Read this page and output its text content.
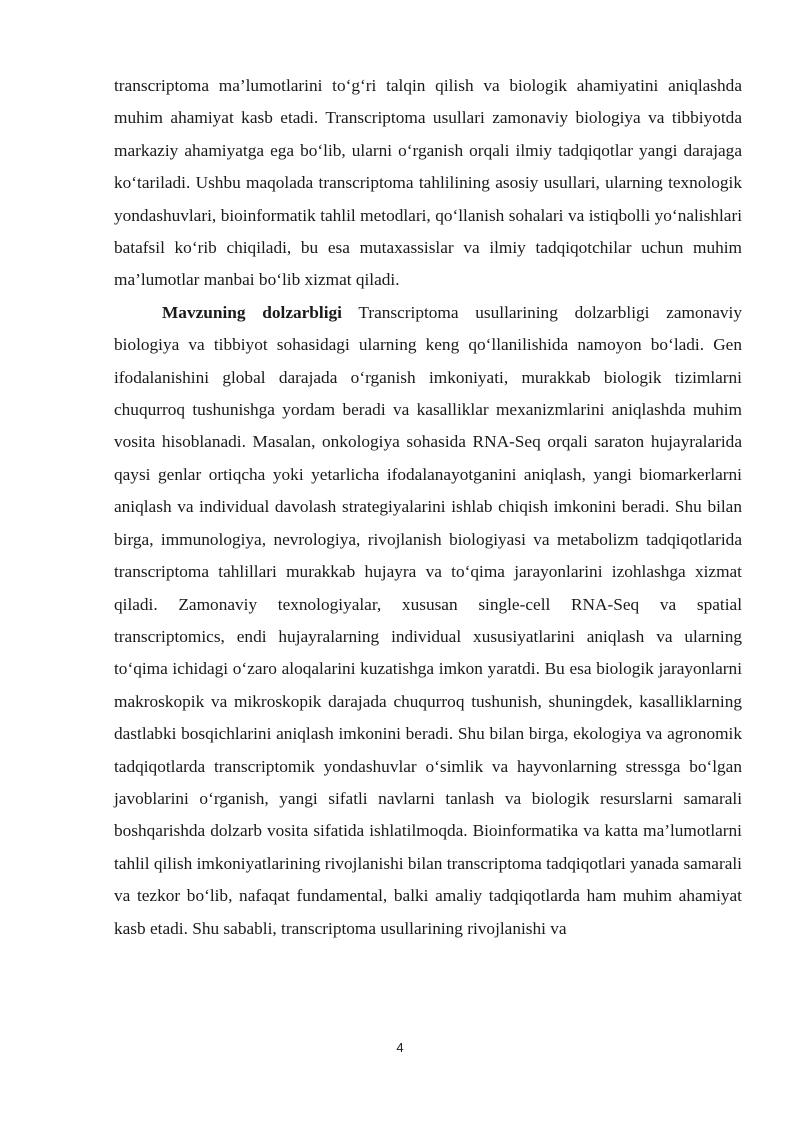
transcriptoma ma’lumotlarini to‘g‘ri talqin qilish va biologik ahamiyatini aniqlashda muhim ahamiyat kasb etadi. Transcriptoma usullari zamonaviy biologiya va tibbiyotda markaziy ahamiyatga ega bo‘lib, ularni o‘rganish orqali ilmiy tadqiqotlar yangi darajaga ko‘tariladi. Ushbu maqolada transcriptoma tahlilining asosiy usullari, ularning texnologik yondashuvlari, bioinformatik tahlil metodlari, qo‘llanish sohalari va istiqbolli yo‘nalishlari batafsil ko‘rib chiqiladi, bu esa mutaxassislar va ilmiy tadqiqotchilar uchun muhim ma’lumotlar manbai bo‘lib xizmat qiladi.

Mavzuning dolzarbligi Transcriptoma usullarining dolzarbligi zamonaviy biologiya va tibbiyot sohasidagi ularning keng qo‘llanilishida namoyon bo‘ladi. Gen ifodalanishini global darajada o‘rganish imkoniyati, murakkab biologik tizimlarni chuqurroq tushunishga yordam beradi va kasalliklar mexanizmlarini aniqlashda muhim vosita hisoblanadi. Masalan, onkologiya sohasida RNA-Seq orqali saraton hujayralarida qaysi genlar ortiqcha yoki yetarlicha ifodalanayotganini aniqlash, yangi biomarkerlarni aniqlash va individual davolash strategiyalarini ishlab chiqish imkonini beradi. Shu bilan birga, immunologiya, nevrologiya, rivojlanish biologiyasi va metabolizm tadqiqotlarida transcriptoma tahlillari murakkab hujayra va to‘qima jarayonlarini izohlashga xizmat qiladi. Zamonaviy texnologiyalar, xususan single-cell RNA-Seq va spatial transcriptomics, endi hujayralarning individual xususiyatlarini aniqlash va ularning to‘qima ichidagi o‘zaro aloqalarini kuzatishga imkon yaratdi. Bu esa biologik jarayonlarni makroskopik va mikroskopik darajada chuqurroq tushunish, shuningdek, kasalliklarning dastlabki bosqichlarini aniqlash imkonini beradi. Shu bilan birga, ekologiya va agronomik tadqiqotlarda transcriptomik yondashuvlar o‘simlik va hayvonlarning stressga bo‘lgan javoblarini o‘rganish, yangi sifatli navlarni tanlash va biologik resurslarni samarali boshqarishda dolzarb vosita sifatida ishlatilmoqda. Bioinformatika va katta ma’lumotlarni tahlil qilish imkoniyatlarining rivojlanishi bilan transcriptoma tadqiqotlari yanada samarali va tezkor bo‘lib, nafaqat fundamental, balki amaliy tadqiqotlarda ham muhim ahamiyat kasb etadi. Shu sababli, transcriptoma usullarining rivojlanishi va

4
